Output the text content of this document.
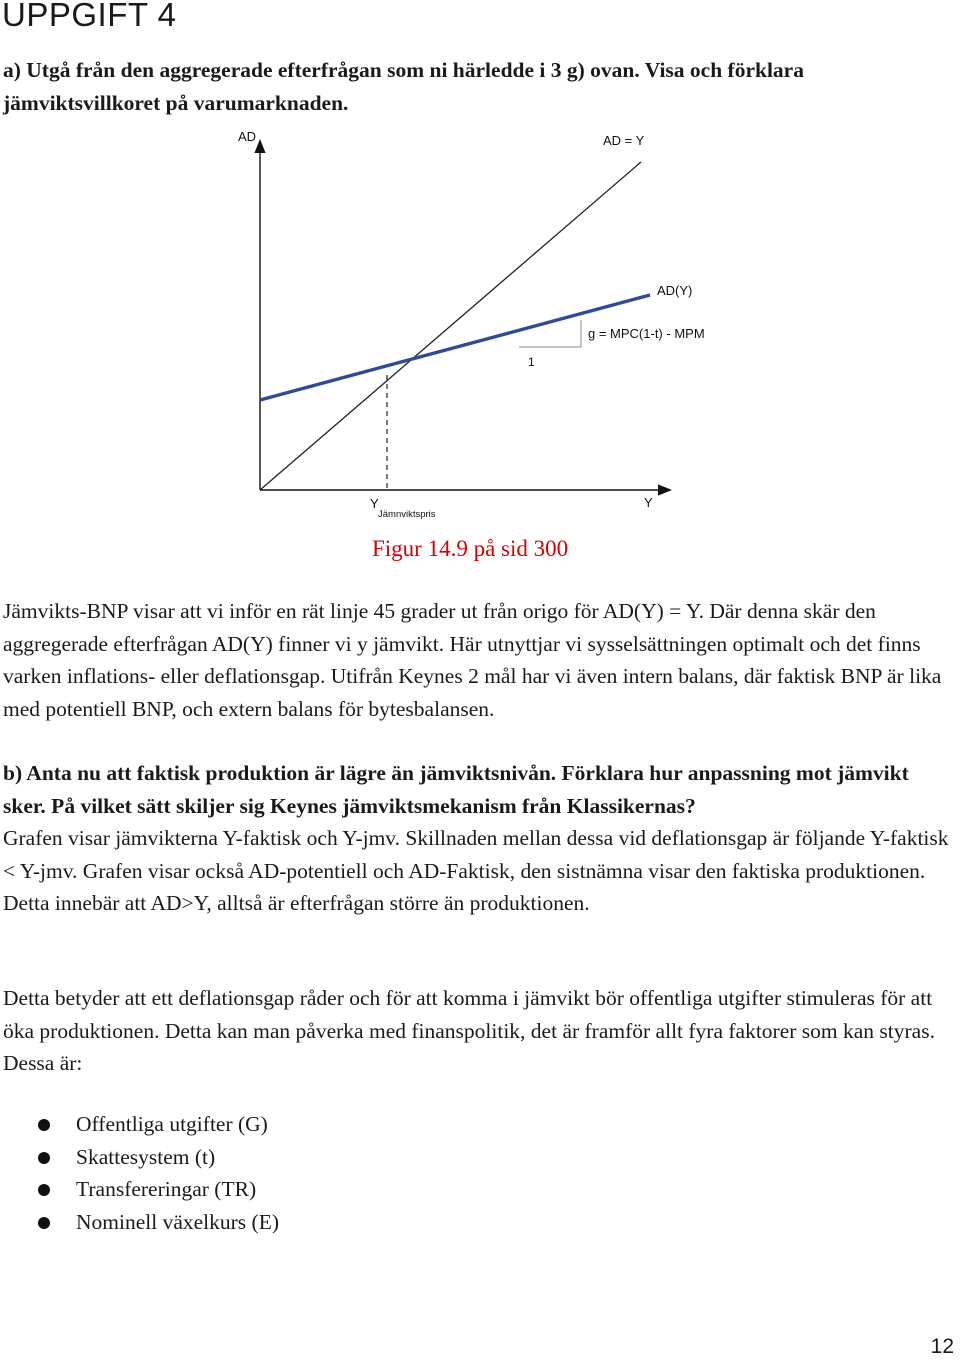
UPPGIFT 4

a) Utgå från den aggregerade efterfrågan som ni härledde i 3 g) ovan. Visa och förklara jämviktsvillkoret på varumarknaden.

AD
Y
AD = Y
AD(Y)
g = MPC(1-t) - MPM
1
Y
Jämnviktspris

Figur 14.9 på sid 300

Jämvikts-BNP visar att vi inför en rät linje 45 grader ut från origo för AD(Y) = Y. Där denna skär den aggregerade efterfrågan AD(Y) finner vi y jämvikt. Här utnyttjar vi sysselsättningen optimalt och det finns varken inflations- eller deflationsgap. Utifrån Keynes 2 mål har vi även intern balans, där faktisk BNP är lika med potentiell BNP, och extern balans för bytesbalansen.

b) Anta nu att faktisk produktion är lägre än jämviktsnivån. Förklara hur anpassning mot jämvikt sker. På vilket sätt skiljer sig Keynes jämviktsmekanism från Klassikernas?

Grafen visar jämvikterna Y-faktisk och Y-jmv. Skillnaden mellan dessa vid deflationsgap är följande Y-faktisk < Y-jmv. Grafen visar också AD-potentiell och AD-Faktisk, den sistnämna visar den faktiska produktionen. Detta innebär att AD>Y, alltså är efterfrågan större än produktionen.

Detta betyder att ett deflationsgap råder och för att komma i jämvikt bör offentliga utgifter stimuleras för att öka produktionen. Detta kan man påverka med finanspolitik, det är framför allt fyra faktorer som kan styras. Dessa är:

Offentliga utgifter (G)
Skattesystem (t)
Transfereringar (TR)
Nominell växelkurs (E)

12
